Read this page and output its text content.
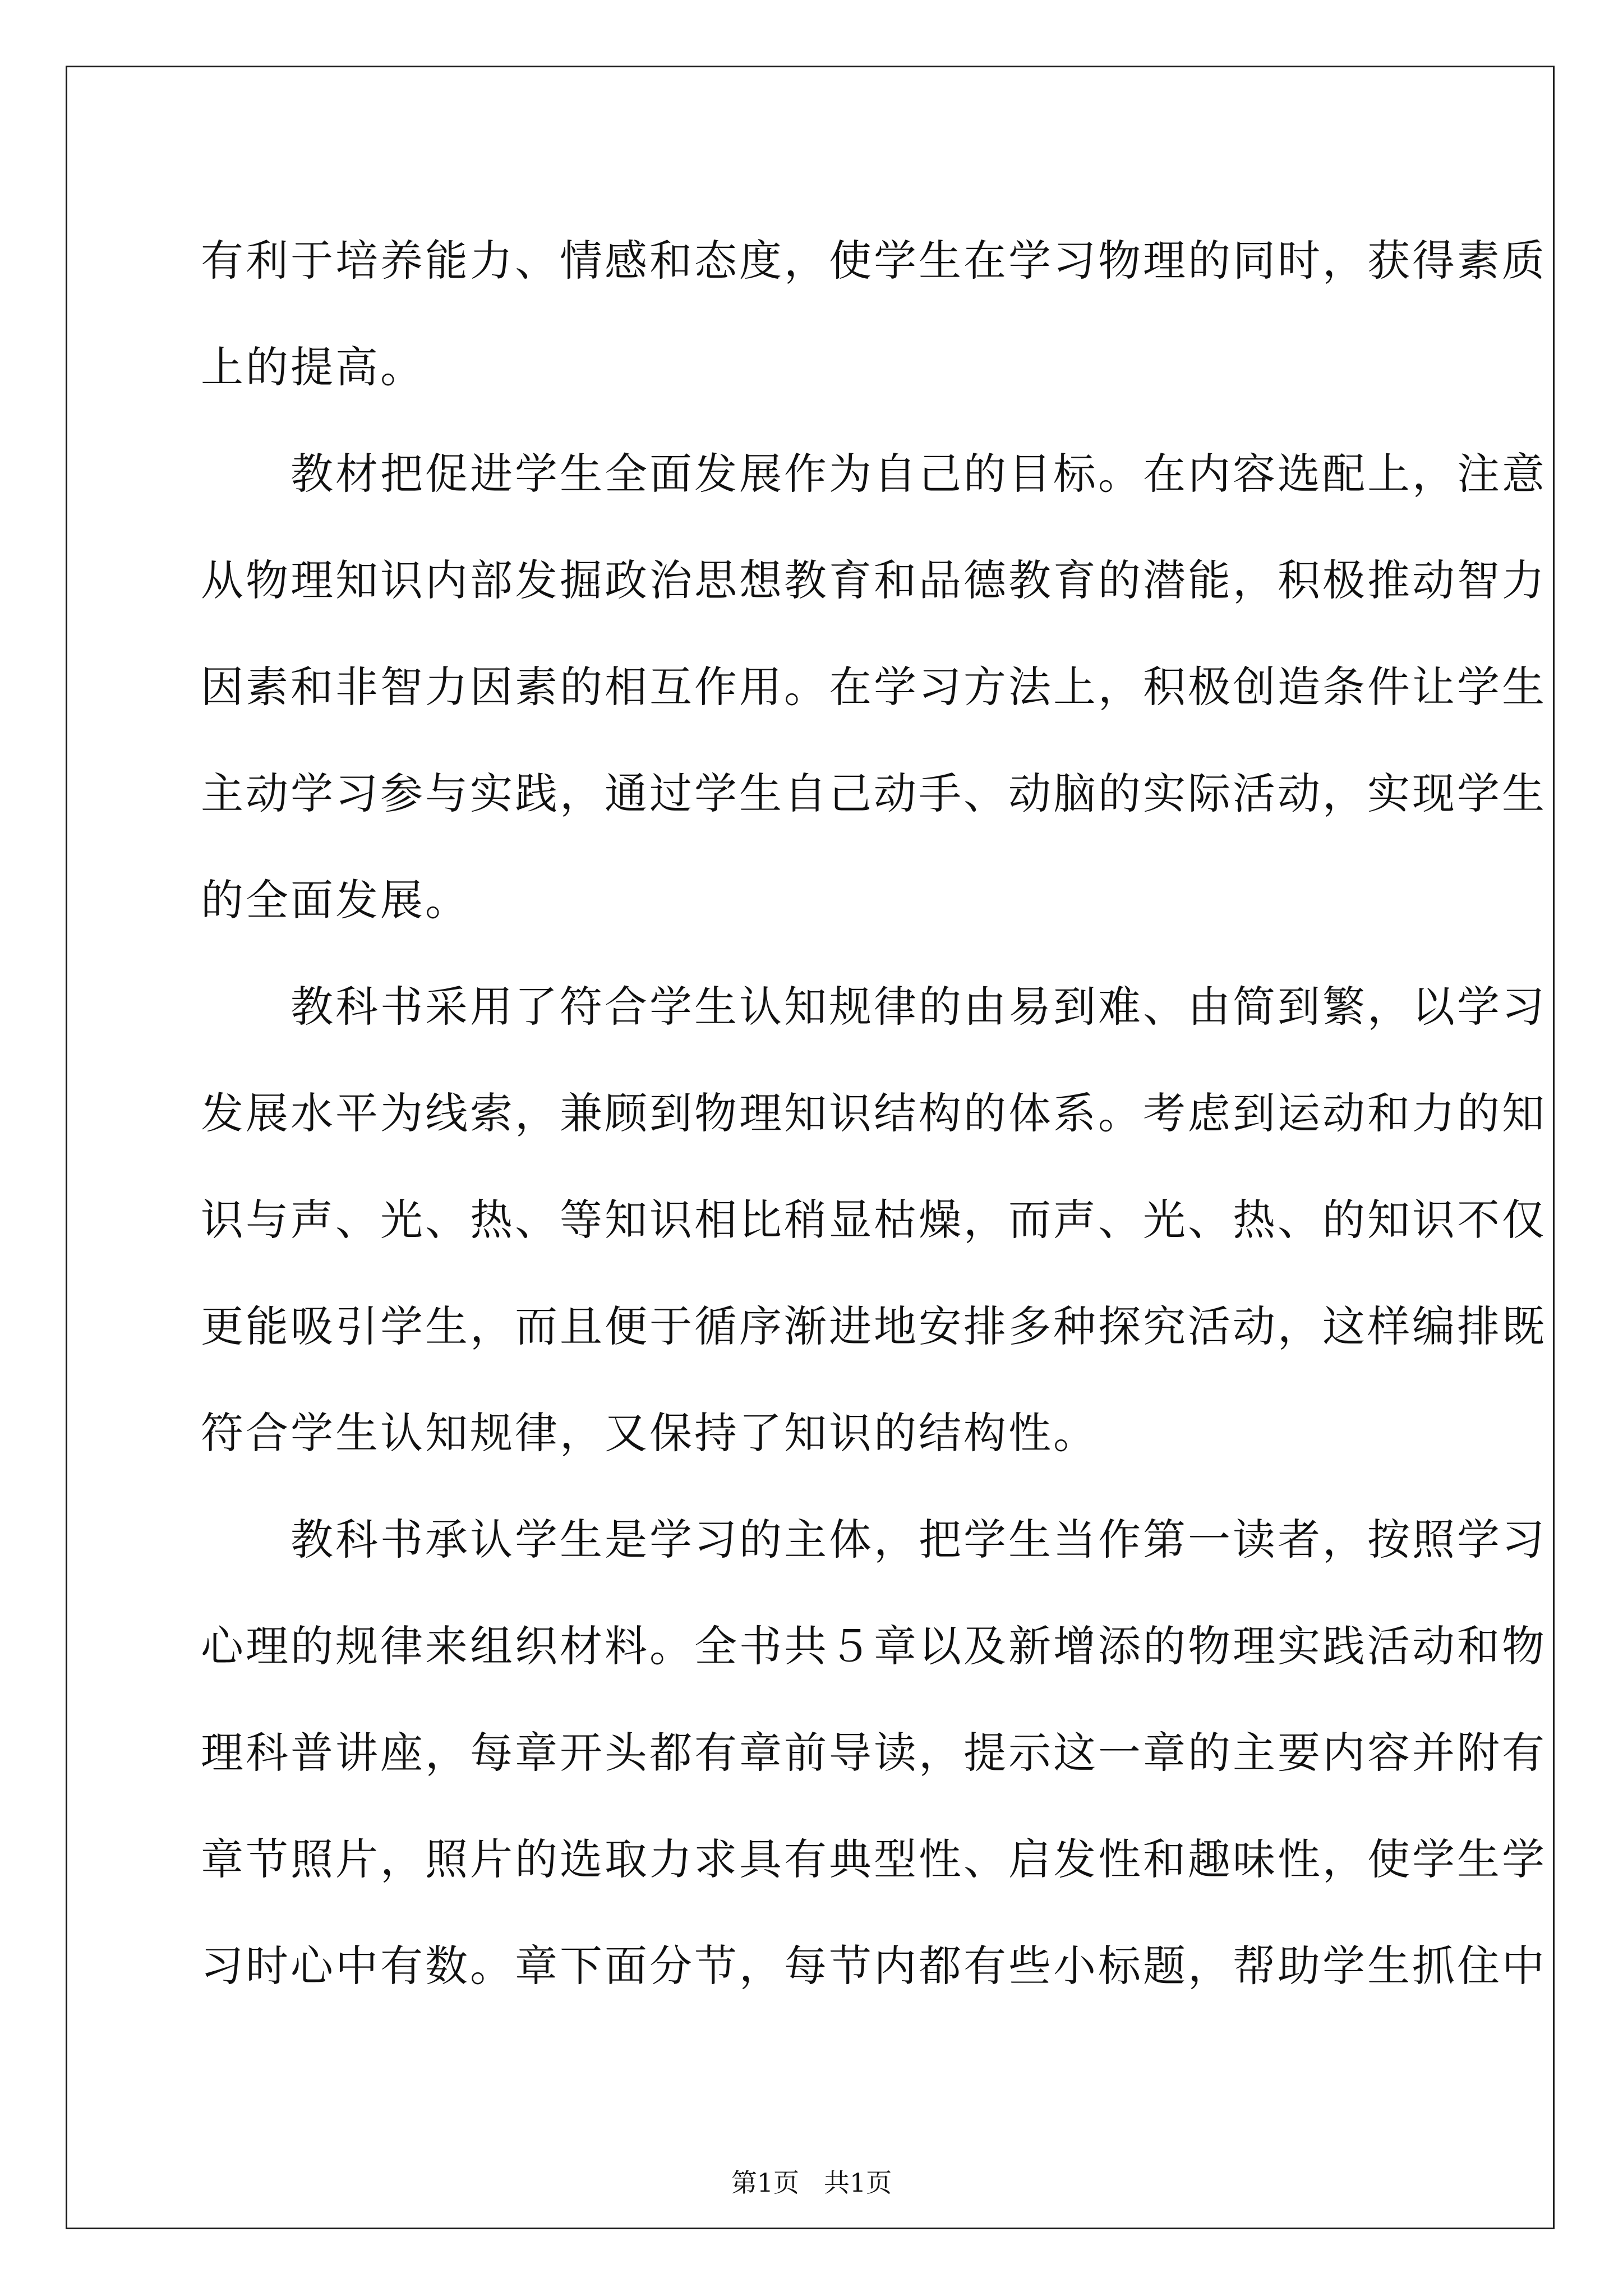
有利于培养能力、情感和态度，使学生在学习物理的同时，获得素质
上的提高。
教材把促进学生全面发展作为自己的目标。在内容选配上，注意
从物理知识内部发掘政治思想教育和品德教育的潜能，积极推动智力
因素和非智力因素的相互作用。在学习方法上，积极创造条件让学生
主动学习参与实践，通过学生自己动手、动脑的实际活动，实现学生
的全面发展。
教科书采用了符合学生认知规律的由易到难、由简到繁，以学习
发展水平为线索，兼顾到物理知识结构的体系。考虑到运动和力的知
识与声、光、热、等知识相比稍显枯燥，而声、光、热、的知识不仅
更能吸引学生，而且便于循序渐进地安排多种探究活动，这样编排既
符合学生认知规律，又保持了知识的结构性。
教科书承认学生是学习的主体，把学生当作第一读者，按照学习
心理的规律来组织材料。全书共５章以及新增添的物理实践活动和物
理科普讲座，每章开头都有章前导读，提示这一章的主要内容并附有
章节照片，照片的选取力求具有典型性、启发性和趣味性，使学生学
习时心中有数。章下面分节，每节内都有些小标题，帮助学生抓住中
第1页 共1页
